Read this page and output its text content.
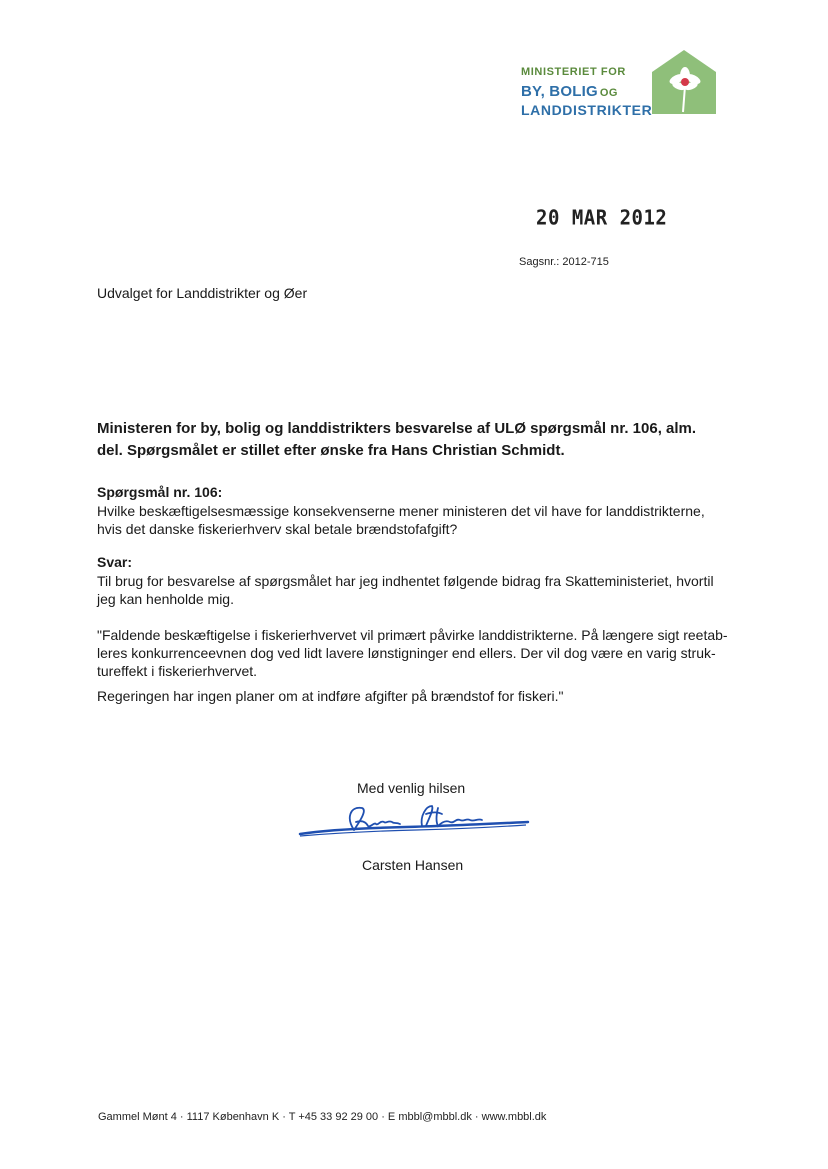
MINISTERIET FOR
BY, BOLIG OG
LANDDISTRIKTER
20 MAR 2012
Sagsnr.: 2012-715
Udvalget for Landdistrikter og Øer
Ministeren for by, bolig og landdistrikters besvarelse af ULØ spørgsmål nr. 106, alm.
del. Spørgsmålet er stillet efter ønske fra Hans Christian Schmidt.
Spørgsmål nr. 106:
Hvilke beskæftigelsesmæssige konsekvenserne mener ministeren det vil have for landdistrikterne,
hvis det danske fiskerierhverv skal betale brændstofafgift?
Svar:
Til brug for besvarelse af spørgsmålet har jeg indhentet følgende bidrag fra Skatteministeriet, hvortil
jeg kan henholde mig.
"Faldende beskæftigelse i fiskerierhvervet vil primært påvirke landdistrikterne. På længere sigt reetab-
leres konkurrenceevnen dog ved lidt lavere lønstigninger end ellers. Der vil dog være en varig struk-
tureffekt i fiskerierhvervet.
Regeringen har ingen planer om at indføre afgifter på brændstof for fiskeri."
Med venlig hilsen
Carsten Hansen
Gammel Mønt 4 · 1117 København K · T +45 33 92 29 00 · E mbbl@mbbl.dk · www.mbbl.dk
